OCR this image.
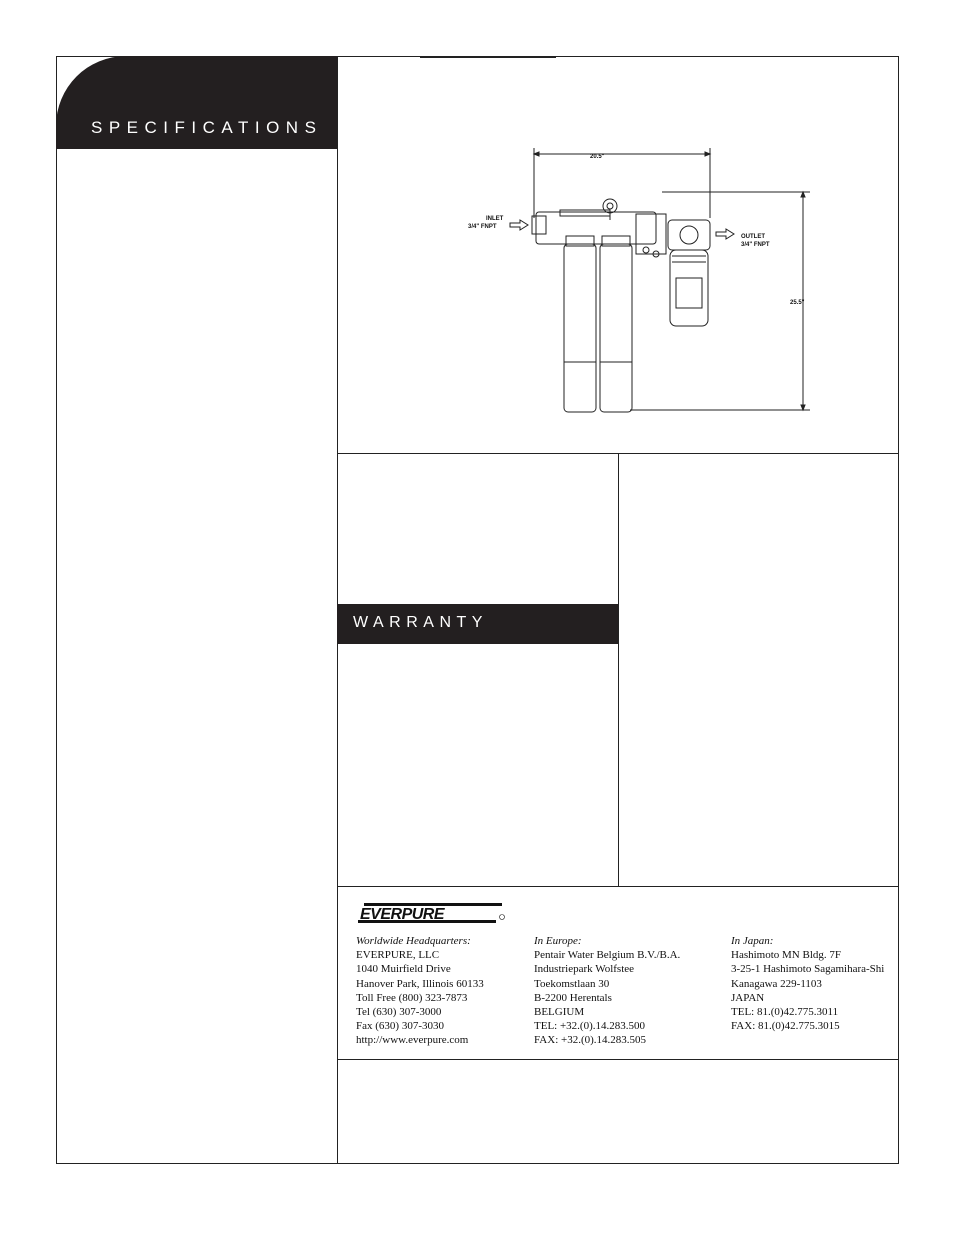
SPECIFICATIONS
WARRANTY
20.5"
25.5"
INLET
3/4" FNPT
OUTLET
3/4" FNPT
EVERPURE
Worldwide Headquarters:
EVERPURE, LLC
1040 Muirfield Drive
Hanover Park, Illinois 60133
Toll Free (800) 323-7873
Tel (630) 307-3000
Fax (630) 307-3030
http://www.everpure.com
In Europe:
Pentair Water Belgium B.V./B.A.
Industriepark Wolfstee
Toekomstlaan 30
B-2200 Herentals
BELGIUM
TEL: +32.(0).14.283.500
FAX: +32.(0).14.283.505
In Japan:
Hashimoto MN Bldg. 7F
3-25-1 Hashimoto Sagamihara-Shi
Kanagawa 229-1103
JAPAN
TEL: 81.(0)42.775.3011
FAX: 81.(0)42.775.3015
